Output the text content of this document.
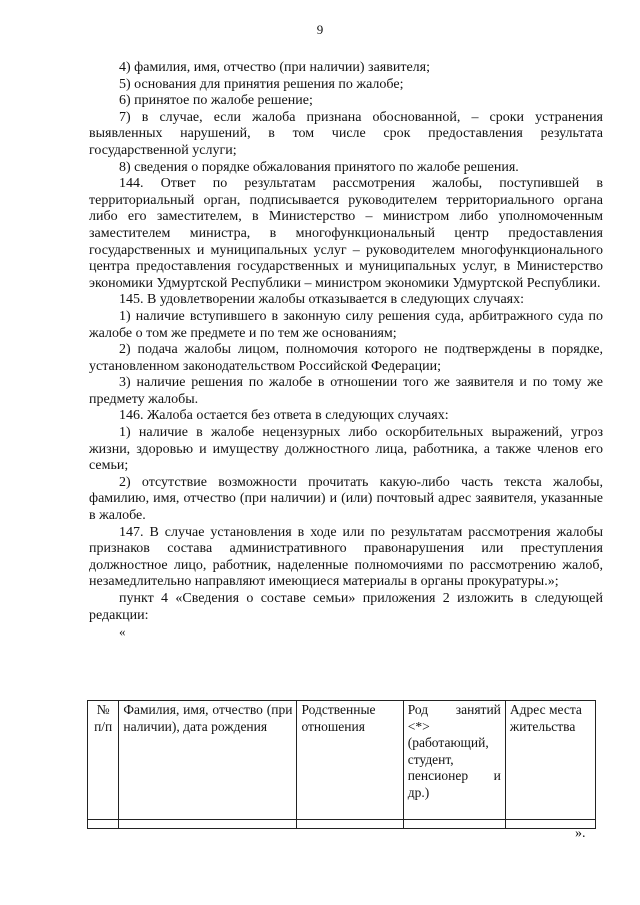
9

4) фамилия, имя, отчество (при наличии) заявителя;

5) основания для принятия решения по жалобе;

6) принятое по жалобе решение;

7) в случае, если жалоба признана обоснованной, – сроки устранения выявленных нарушений, в том числе срок предоставления результата государственной услуги;

8) сведения о порядке обжалования принятого по жалобе решения.

144. Ответ по результатам рассмотрения жалобы, поступившей в территориальный орган, подписывается руководителем территориального органа либо его заместителем, в Министерство – министром либо уполномоченным заместителем министра, в многофункциональный центр предоставления государственных и муниципальных услуг – руководителем многофункционального центра предоставления государственных и муниципальных услуг, в Министерство экономики Удмуртской Республики – министром экономики Удмуртской Республики.

145. В удовлетворении жалобы отказывается в следующих случаях:

1) наличие вступившего в законную силу решения суда, арбитражного суда по жалобе о том же предмете и по тем же основаниям;

2) подача жалобы лицом, полномочия которого не подтверждены в порядке, установленном законодательством Российской Федерации;

3) наличие решения по жалобе в отношении того же заявителя и по тому же предмету жалобы.

146. Жалоба остается без ответа в следующих случаях:

1) наличие в жалобе нецензурных либо оскорбительных выражений, угроз жизни, здоровью и имуществу должностного лица, работника, а также членов его семьи;

2) отсутствие возможности прочитать какую-либо часть текста жалобы, фамилию, имя, отчество (при наличии) и (или) почтовый адрес заявителя, указанные в жалобе.

147. В случае установления в ходе или по результатам рассмотрения жалобы признаков состава административного правонарушения или преступления должностное лицо, работник, наделенные полномочиями по рассмотрению жалоб, незамедлительно направляют имеющиеся материалы в органы прокуратуры.»;

пункт 4 «Сведения о составе семьи» приложения 2 изложить в следующей редакции:

«

№ п/п	Фамилия, имя, отчество (при наличии), дата рождения	Родственные отношения	Род занятий <*> (работающий, студент, пенсионер и др.)	Адрес места жительства

».
